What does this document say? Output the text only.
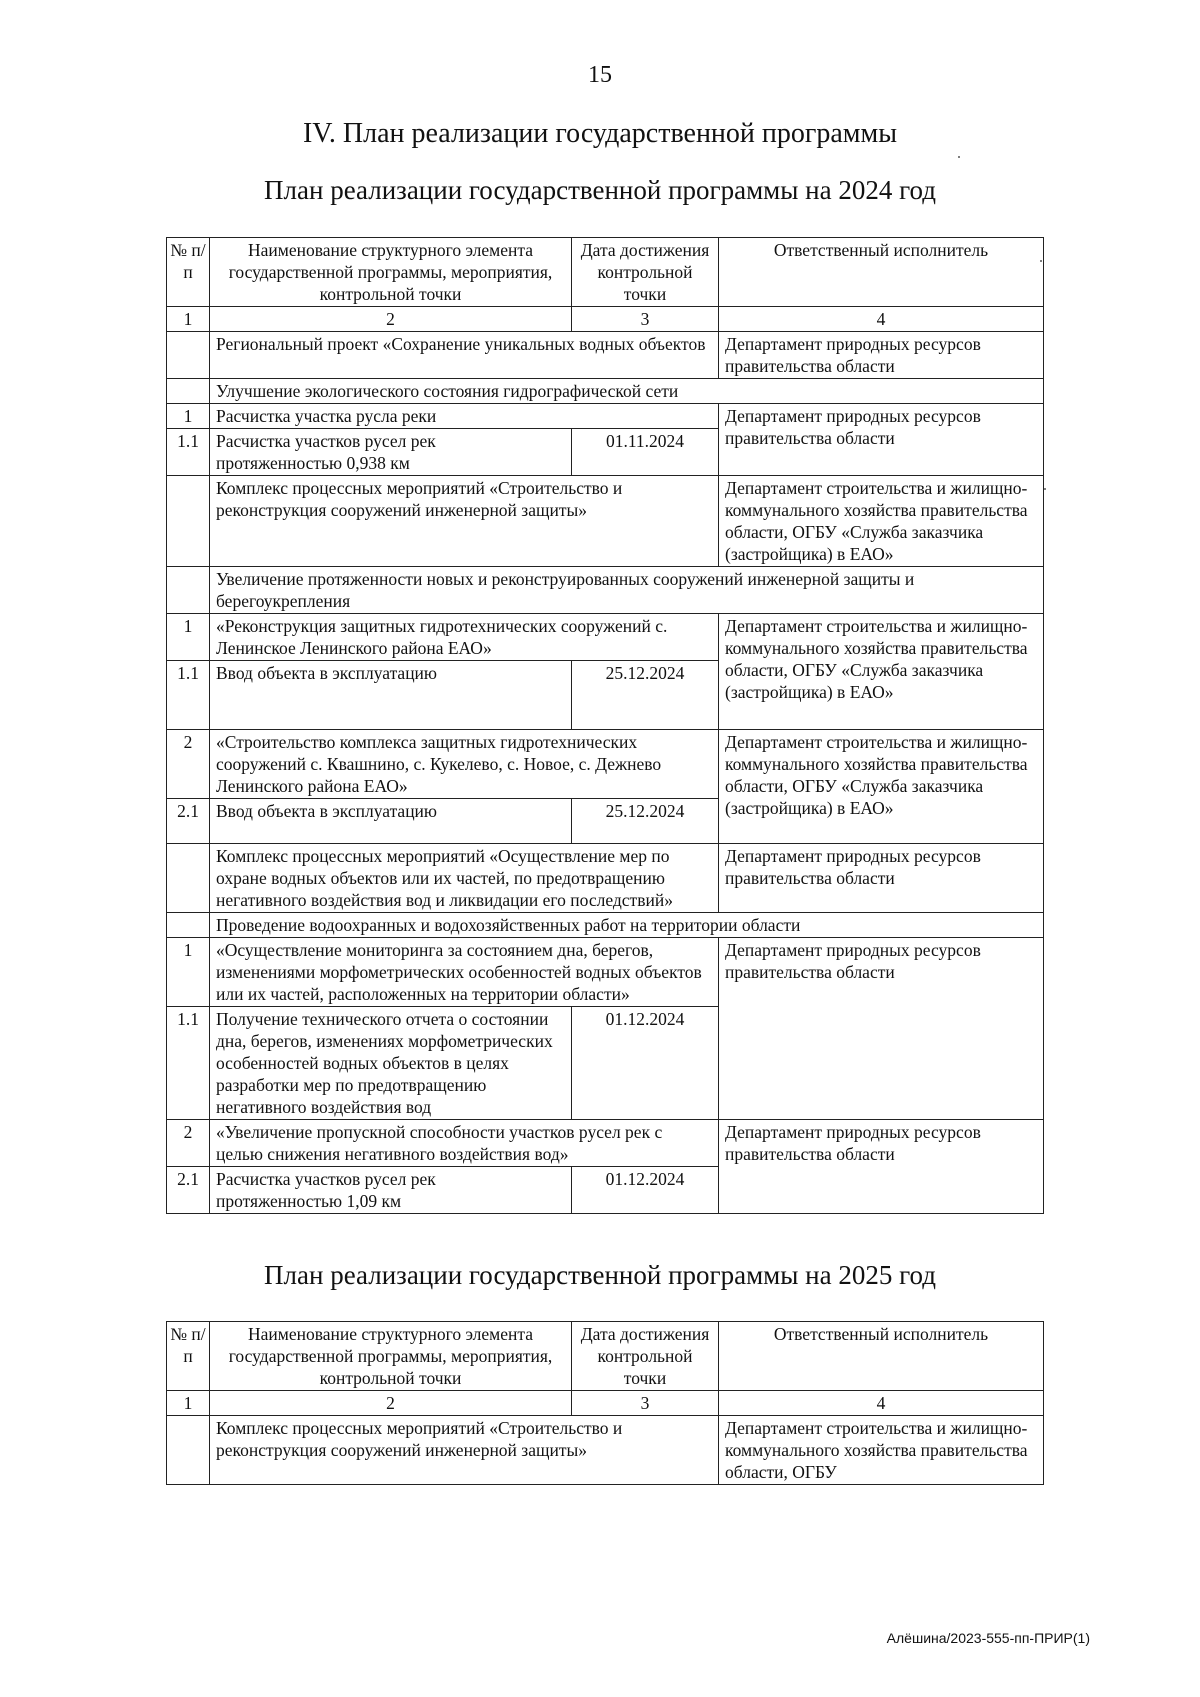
15
IV. План реализации государственной программы
План реализации государственной программы на 2024 год
№ п/п	Наименование структурного элемента государственной программы, мероприятия, контрольной точки	Дата достижения контрольной точки	Ответственный исполнитель
1	2	3	4
	Региональный проект «Сохранение уникальных водных объектов		Департамент природных ресурсов правительства области
	Улучшение экологического состояния гидрографической сети		
1	Расчистка участка русла реки		Департамент природных ресурсов правительства области
1.1	Расчистка участков русел рек протяженностью 0,938 км	01.11.2024	
	Комплекс процессных мероприятий «Строительство и реконструкция сооружений инженерной защиты»		Департамент строительства и жилищно-коммунального хозяйства правительства области, ОГБУ «Служба заказчика (застройщика) в ЕАО»
	Увеличение протяженности новых и реконструированных сооружений инженерной защиты и берегоукрепления		
1	«Реконструкция защитных гидротехнических сооружений с. Ленинское Ленинского района ЕАО»		Департамент строительства и жилищно-коммунального хозяйства правительства области, ОГБУ «Служба заказчика (застройщика) в ЕАО»
1.1	Ввод объекта в эксплуатацию	25.12.2024	
2	«Строительство комплекса защитных гидротехнических сооружений с. Квашнино, с. Кукелево, с. Новое, с. Дежнево Ленинского района ЕАО»		Департамент строительства и жилищно-коммунального хозяйства правительства области, ОГБУ «Служба заказчика (застройщика) в ЕАО»
2.1	Ввод объекта в эксплуатацию	25.12.2024	
	Комплекс процессных мероприятий «Осуществление мер по охране водных объектов или их частей, по предотвращению негативного воздействия вод и ликвидации его последствий»		Департамент природных ресурсов правительства области
	Проведение водоохранных и водохозяйственных работ на территории области		
1	«Осуществление мониторинга за состоянием дна, берегов, изменениями морфометрических особенностей водных объектов или их частей, расположенных на территории области»		Департамент природных ресурсов правительства области
1.1	Получение технического отчета о состоянии дна, берегов, изменениях морфометрических особенностей водных объектов в целях разработки мер по предотвращению негативного воздействия вод	01.12.2024	
2	«Увеличение пропускной способности участков русел рек с целью снижения негативного воздействия вод»		Департамент природных ресурсов правительства области
2.1	Расчистка участков русел рек протяженностью 1,09 км	01.12.2024	
План реализации государственной программы на 2025 год
№ п/п	Наименование структурного элемента государственной программы, мероприятия, контрольной точки	Дата достижения контрольной точки	Ответственный исполнитель
1	2	3	4
	Комплекс процессных мероприятий «Строительство и реконструкция сооружений инженерной защиты»		Департамент строительства и жилищно-коммунального хозяйства правительства области, ОГБУ
Алёшина/2023-555-пп-ПРИР(1)
